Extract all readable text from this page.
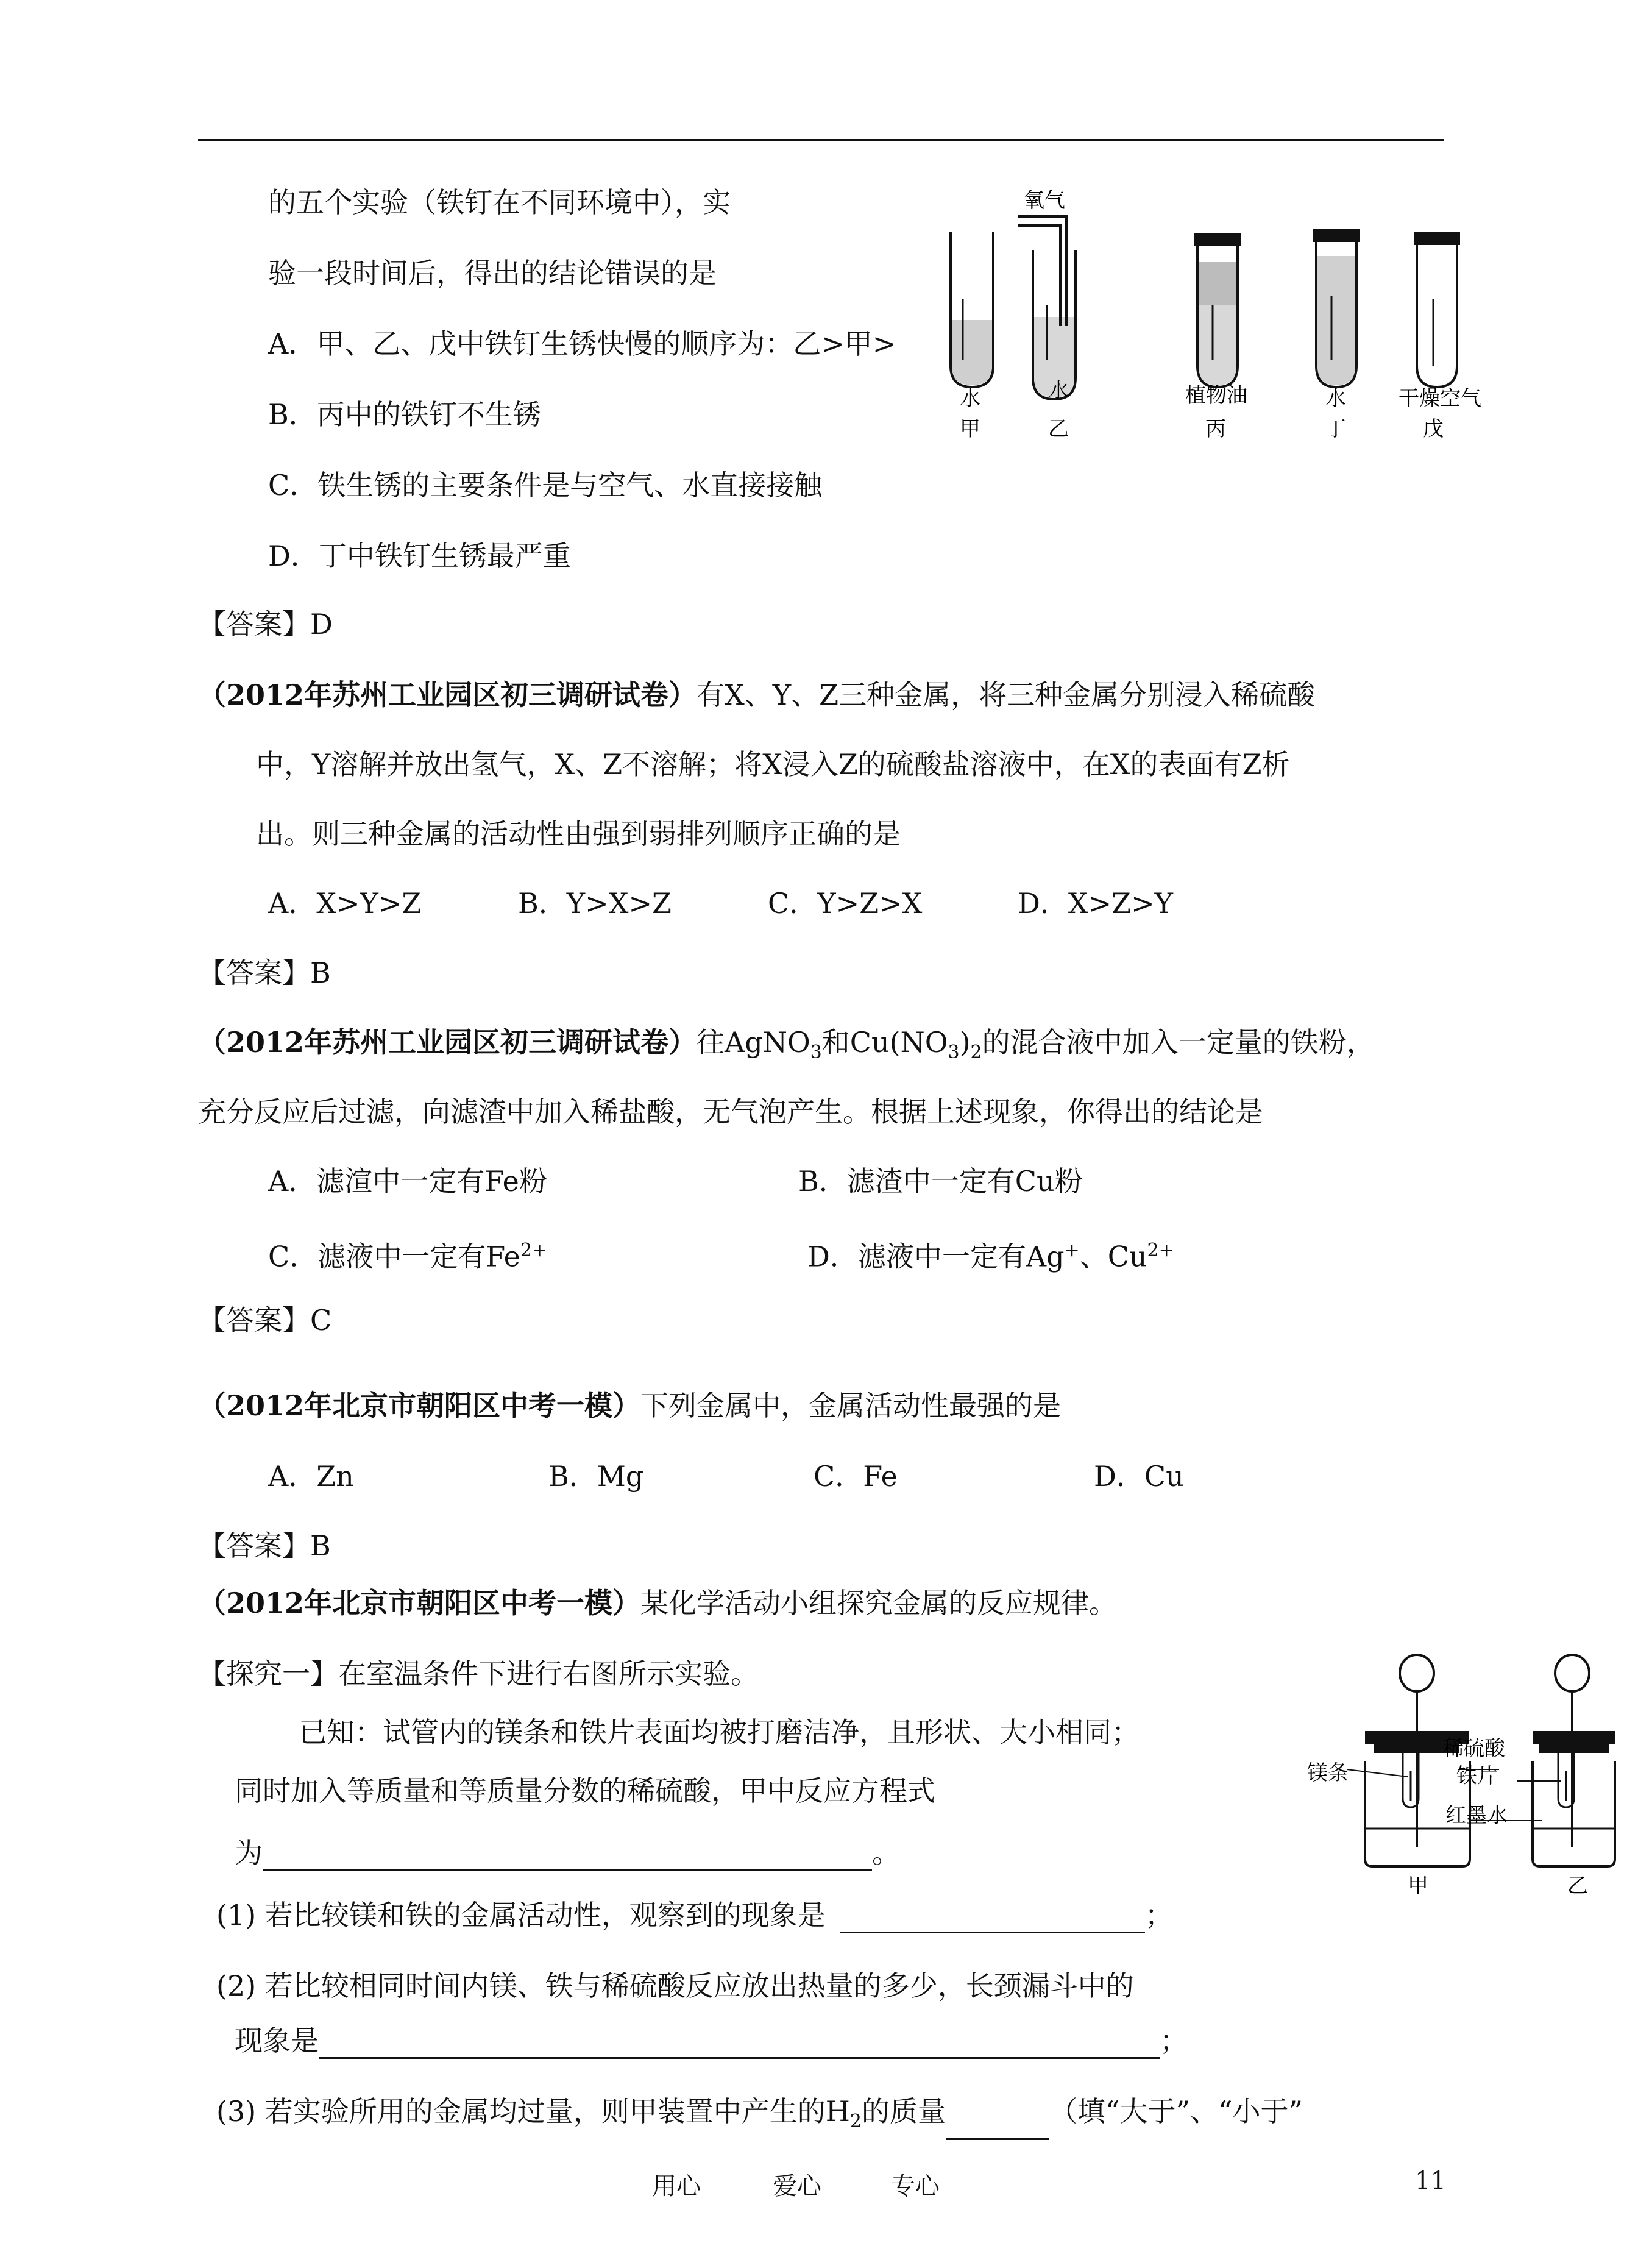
的五个实验（铁钉在不同环境中），实
验一段时间后，得出的结论错误的是
A．甲、乙、戊中铁钉生锈快慢的顺序为：乙>甲>
B．丙中的铁钉不生锈
C．铁生锈的主要条件是与空气、水直接接触
D．丁中铁钉生锈最严重
【答案】D
氧气
水
甲
水
乙
植物油
丙
水
丁
干燥空气
戊
（2012年苏州工业园区初三调研试卷）有X、Y、Z三种金属，将三种金属分别浸入稀硫酸
中，Y溶解并放出氢气，X、Z不溶解；将X浸入Z的硫酸盐溶液中，在X的表面有Z析
出。则三种金属的活动性由强到弱排列顺序正确的是
A．X>Y>Z	B．Y>X>Z	C．Y>Z>X	D．X>Z>Y
【答案】B
（2012年苏州工业园区初三调研试卷）往AgNO$_3$和$Cu(NO_3)_2$的混合液中加入一定量的铁粉，
充分反应后过滤，向滤渣中加入稀盐酸，无气泡产生。根据上述现象，你得出的结论是
A．滤渲中一定有Fe粉	B．滤渣中一定有Cu粉
C．滤液中一定有$Fe^{2+}$	D．滤液中一定有Ag+、$Cu^{2+}$
【答案】C
（2012年北京市朝阳区中考一模）下列金属中，金属活动性最强的是
A．Zn	B．Mg	C．Fe	D．Cu
【答案】B
（2012年北京市朝阳区中考一模）某化学活动小组探究金属的反应规律。
【探究一】在室温条件下进行右图所示实验。
已知：试管内的镁条和铁片表面均被打磨洁净，且形状、大小相同；
同时加入等质量和等质量分数的稀硫酸，甲中反应方程式
为	。
(1) 若比较镁和铁的金属活动性，观察到的现象是	；
(2) 若比较相同时间内镁、铁与稀硫酸反应放出热量的多少，长颈漏斗中的
现象是	；
(3) 若实验所用的金属均过量，则甲装置中产生的$H_2$的质量	（填“大于”、“小于”
稀硫酸
镁条	铁片
红墨水
甲	乙
用心	爱心	专心	11
